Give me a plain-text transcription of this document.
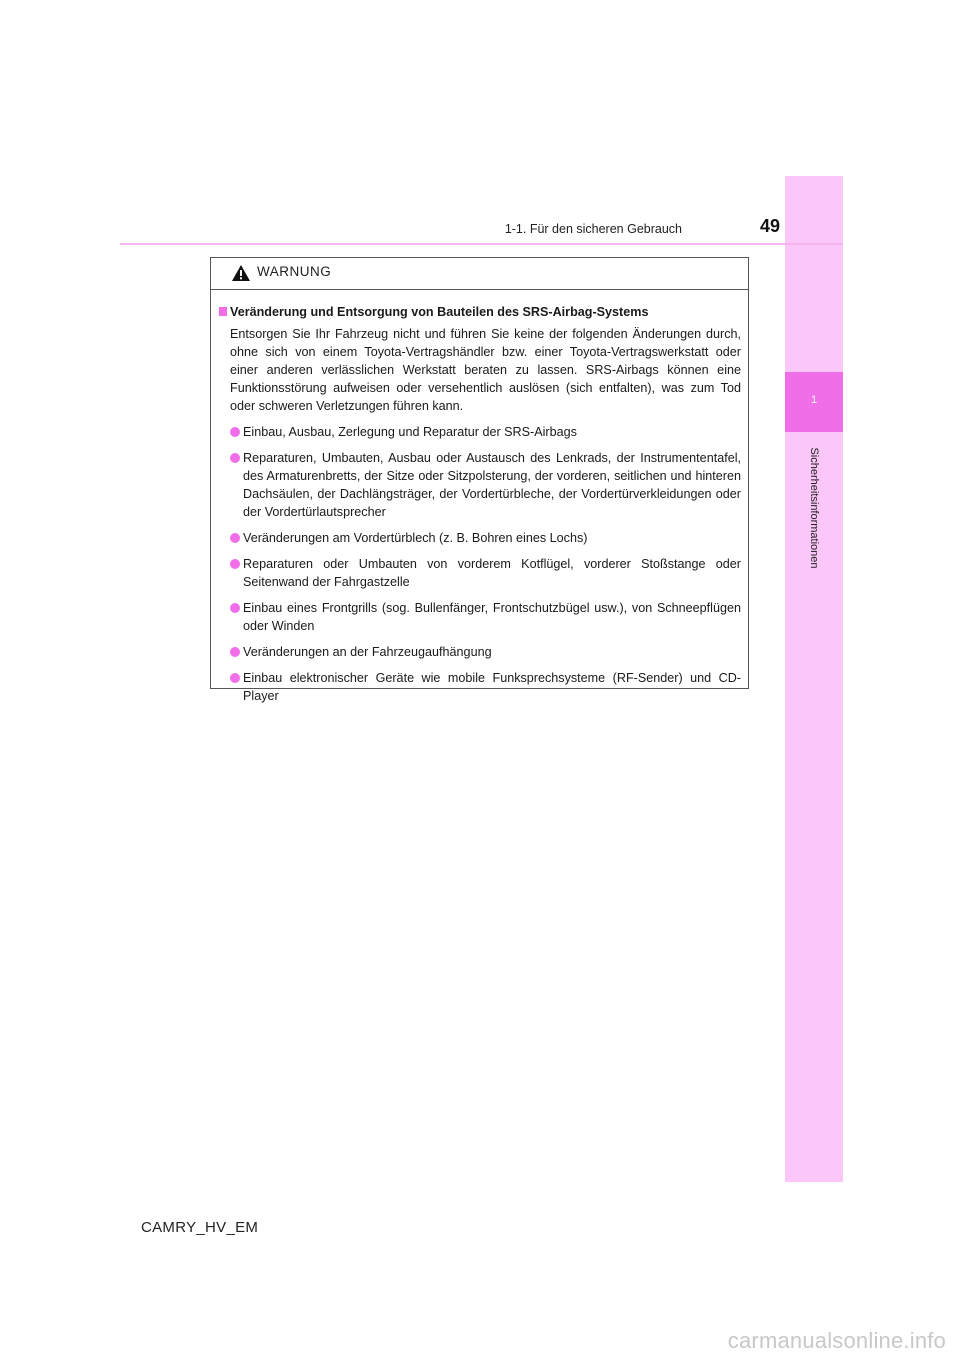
1
Sicherheitsinformationen
1-1. Für den sicheren Gebrauch	49
WARNUNG
Veränderung und Entsorgung von Bauteilen des SRS-Airbag-Systems
Entsorgen Sie Ihr Fahrzeug nicht und führen Sie keine der folgenden Änderungen durch, ohne sich von einem Toyota-Vertragshändler bzw. einer Toyota-Vertragswerkstatt oder einer anderen verlässlichen Werkstatt beraten zu lassen. SRS-Airbags können eine Funktionsstörung aufweisen oder versehentlich auslösen (sich entfalten), was zum Tod oder schweren Verletzungen führen kann.
Einbau, Ausbau, Zerlegung und Reparatur der SRS-Airbags
Reparaturen, Umbauten, Ausbau oder Austausch des Lenkrads, der Instrumententafel, des Armaturenbretts, der Sitze oder Sitzpolsterung, der vorderen, seitlichen und hinteren Dachsäulen, der Dachlängsträger, der Vordertürbleche, der Vordertürverkleidungen oder der Vordertürlautsprecher
Veränderungen am Vordertürblech (z. B. Bohren eines Lochs)
Reparaturen oder Umbauten von vorderem Kotflügel, vorderer Stoßstange oder Seitenwand der Fahrgastzelle
Einbau eines Frontgrills (sog. Bullenfänger, Frontschutzbügel usw.), von Schneepflügen oder Winden
Veränderungen an der Fahrzeugaufhängung
Einbau elektronischer Geräte wie mobile Funksprechsysteme (RF-Sender) und CD-Player
CAMRY_HV_EM
carmanualsonline.info
